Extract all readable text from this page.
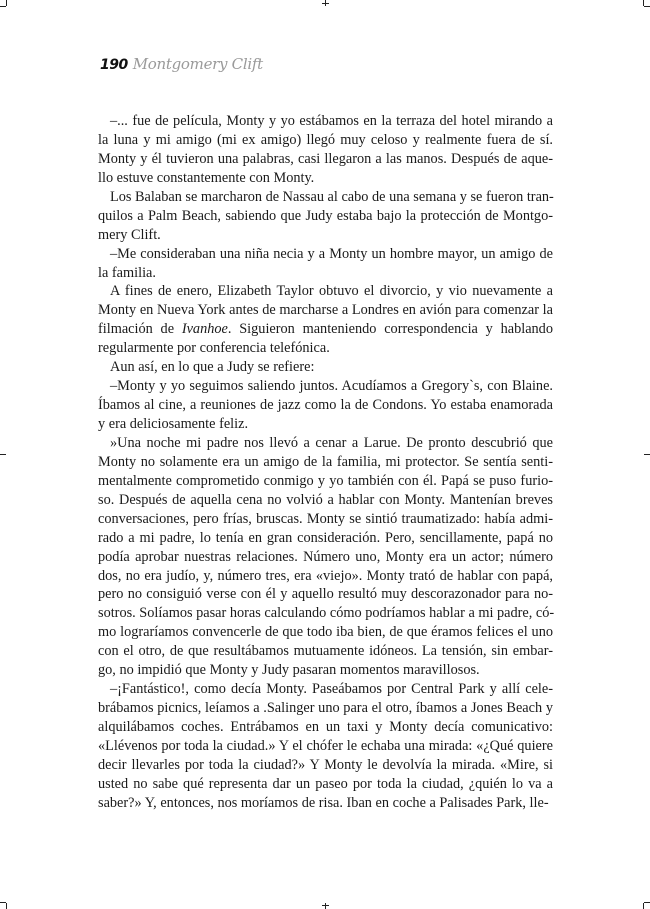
190 Montgomery Clift
–... fue de película, Monty y yo estábamos en la terraza del hotel mirando a
la luna y mi amigo (mi ex amigo) llegó muy celoso y realmente fuera de sí.
Monty y él tuvieron una palabras, casi llegaron a las manos. Después de aque-
llo estuve constantemente con Monty.
Los Balaban se marcharon de Nassau al cabo de una semana y se fueron tran-
quilos a Palm Beach, sabiendo que Judy estaba bajo la protección de Montgo-
mery Clift.
–Me consideraban una niña necia y a Monty un hombre mayor, un amigo de
la familia.
A fines de enero, Elizabeth Taylor obtuvo el divorcio, y vio nuevamente a
Monty en Nueva York antes de marcharse a Londres en avión para comenzar la
filmación de Ivanhoe. Siguieron manteniendo correspondencia y hablando
regularmente por conferencia telefónica.
Aun así, en lo que a Judy se refiere:
–Monty y yo seguimos saliendo juntos. Acudíamos a Gregory`s, con Blaine.
Íbamos al cine, a reuniones de jazz como la de Condons. Yo estaba enamorada
y era deliciosamente feliz.
»Una noche mi padre nos llevó a cenar a Larue. De pronto descubrió que
Monty no solamente era un amigo de la familia, mi protector. Se sentía senti-
mentalmente comprometido conmigo y yo también con él. Papá se puso furio-
so. Después de aquella cena no volvió a hablar con Monty. Mantenían breves
conversaciones, pero frías, bruscas. Monty se sintió traumatizado: había admi-
rado a mi padre, lo tenía en gran consideración. Pero, sencillamente, papá no
podía aprobar nuestras relaciones. Número uno, Monty era un actor; número
dos, no era judío, y, número tres, era «viejo». Monty trató de hablar con papá,
pero no consiguió verse con él y aquello resultó muy descorazonador para no-
sotros. Solíamos pasar horas calculando cómo podríamos hablar a mi padre, có-
mo lograríamos convencerle de que todo iba bien, de que éramos felices el uno
con el otro, de que resultábamos mutuamente idóneos. La tensión, sin embar-
go, no impidió que Monty y Judy pasaran momentos maravillosos.
–¡Fantástico!, como decía Monty. Paseábamos por Central Park y allí cele-
brábamos picnics, leíamos a .Salinger uno para el otro, íbamos a Jones Beach y
alquilábamos coches. Entrábamos en un taxi y Monty decía comunicativo:
«Llévenos por toda la ciudad.» Y el chófer le echaba una mirada: «¿Qué quiere
decir llevarles por toda la ciudad?» Y Monty le devolvía la mirada. «Mire, si
usted no sabe qué representa dar un paseo por toda la ciudad, ¿quién lo va a
saber?» Y, entonces, nos moríamos de risa. Iban en coche a Palisades Park, lle-
